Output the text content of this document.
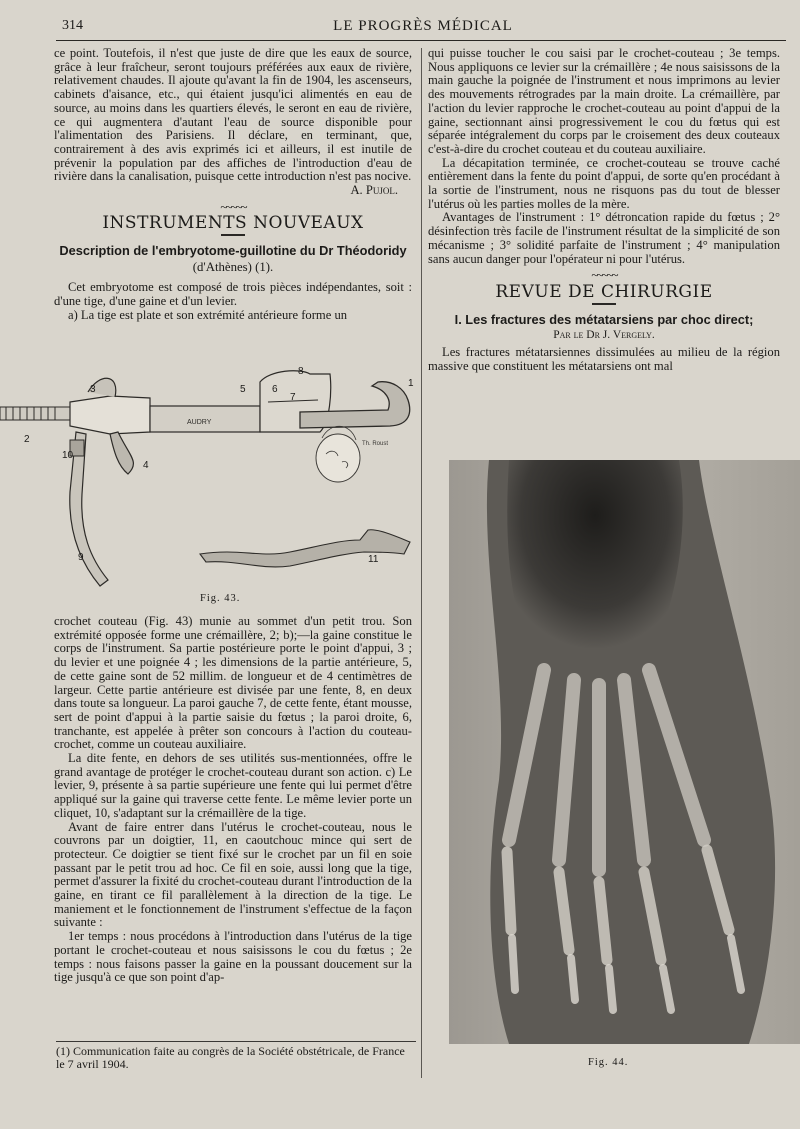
314	LE PROGRÈS MÉDICAL

ce point. Toutefois, il n'est que juste de dire que les eaux de source, grâce à leur fraîcheur, seront toujours préférées aux eaux de rivière, relativement chaudes. Il ajoute qu'avant la fin de 1904, les ascenseurs, cabinets d'aisance, etc., qui étaient jusqu'ici alimentés en eau de source, au moins dans les quartiers élevés, le seront en eau de rivière, ce qui augmentera d'autant l'eau de source disponible pour l'alimentation des Parisiens. Il déclare, en terminant, que, contrairement à des avis exprimés ici et ailleurs, il est inutile de prévenir la population par des affiches de l'introduction d'eau de rivière dans la canalisation, puisque cette introduction n'est pas nocive.

A. Pujol.
~~~~~
INSTRUMENTS NOUVEAUX
Description de l'embryotome-guillotine du Dr Théodoridy (d'Athènes) (1).

Cet embryotome est composé de trois pièces indépendantes, soit : d'une tige, d'une gaine et d'un levier.

a) La tige est plate et son extrémité antérieure forme un

AUDRY
Th. Roust
2
3
4
5	6
7
8
1
9
10
11
Fig. 43.

crochet couteau (Fig. 43) munie au sommet d'un petit trou. Son extrémité opposée forme une crémaillère, 2; b);—la gaine constitue le corps de l'instrument. Sa partie postérieure porte le point d'appui, 3 ; du levier et une poignée 4 ; les dimensions de la partie antérieure, 5, de cette gaine sont de 52 millim. de longueur et de 4 centimètres de largeur. Cette partie antérieure est divisée par une fente, 8, en deux dans toute sa longueur. La paroi gauche 7, de cette fente, étant mousse, sert de point d'appui à la partie saisie du fœtus ; la paroi droite, 6, tranchante, est appelée à prêter son concours à l'action du couteau-crochet, comme un couteau auxiliaire.

La dite fente, en dehors de ses utilités sus-mentionnées, offre le grand avantage de protéger le crochet-couteau durant son action. c) Le levier, 9, présente à sa partie supérieure une fente qui lui permet d'être appliqué sur la gaine qui traverse cette fente. Le même levier porte un cliquet, 10, s'adaptant sur la crémaillère de la tige.

Avant de faire entrer dans l'utérus le crochet-couteau, nous le couvrons par un doigtier, 11, en caoutchouc mince qui sert de protecteur. Ce doigtier se tient fixé sur le crochet par un fil en soie passant par le petit trou ad hoc. Ce fil en soie, aussi long que la tige, permet d'assurer la fixité du crochet-couteau durant l'introduction de la gaine, en tirant ce fil parallèlement à la direction de la tige. Le maniement et le fonctionnement de l'instrument s'effectue de la façon suivante :

1er temps : nous procédons à l'introduction dans l'utérus de la tige portant le crochet-couteau et nous saisissons le cou du fœtus ; 2e temps : nous faisons passer la gaine en la poussant doucement sur la tige jusqu'à ce que son point d'ap-

(1) Communication faite au congrès de la Société obstétricale, de France le 7 avril 1904.

qui puisse toucher le cou saisi par le crochet-couteau ; 3e temps. Nous appliquons ce levier sur la crémaillère ; 4e nous saisissons de la main gauche la poignée de l'instrument et nous imprimons au levier des mouvements rétrogrades par la main droite. La crémaillère, par l'action du levier rapproche le crochet-couteau au point d'appui de la gaine, sectionnant ainsi progressivement le cou du fœtus qui est séparée intégralement du corps par le croisement des deux couteaux c'est-à-dire du crochet couteau et du couteau auxiliaire.

La décapitation terminée, ce crochet-couteau se trouve caché entièrement dans la fente du point d'appui, de sorte qu'en procédant à la sortie de l'instrument, nous ne risquons pas du tout de blesser l'utérus où les parties molles de la mère.

Avantages de l'instrument : 1° détroncation rapide du fœtus ; 2° désinfection très facile de l'instrument résultat de la simplicité de son mécanisme ; 3° solidité parfaite de l'instrument ; 4° manipulation sans aucun danger pour l'opérateur ni pour l'utérus.

~~~~~
REVUE DE CHIRURGIE
I. Les fractures des métatarsiens par choc direct;
Par le Dr J. Vergely.

Les fractures métatarsiennes dissimulées au milieu de la région massive que constituent les métatarsiens ont mal

Fig. 44.
